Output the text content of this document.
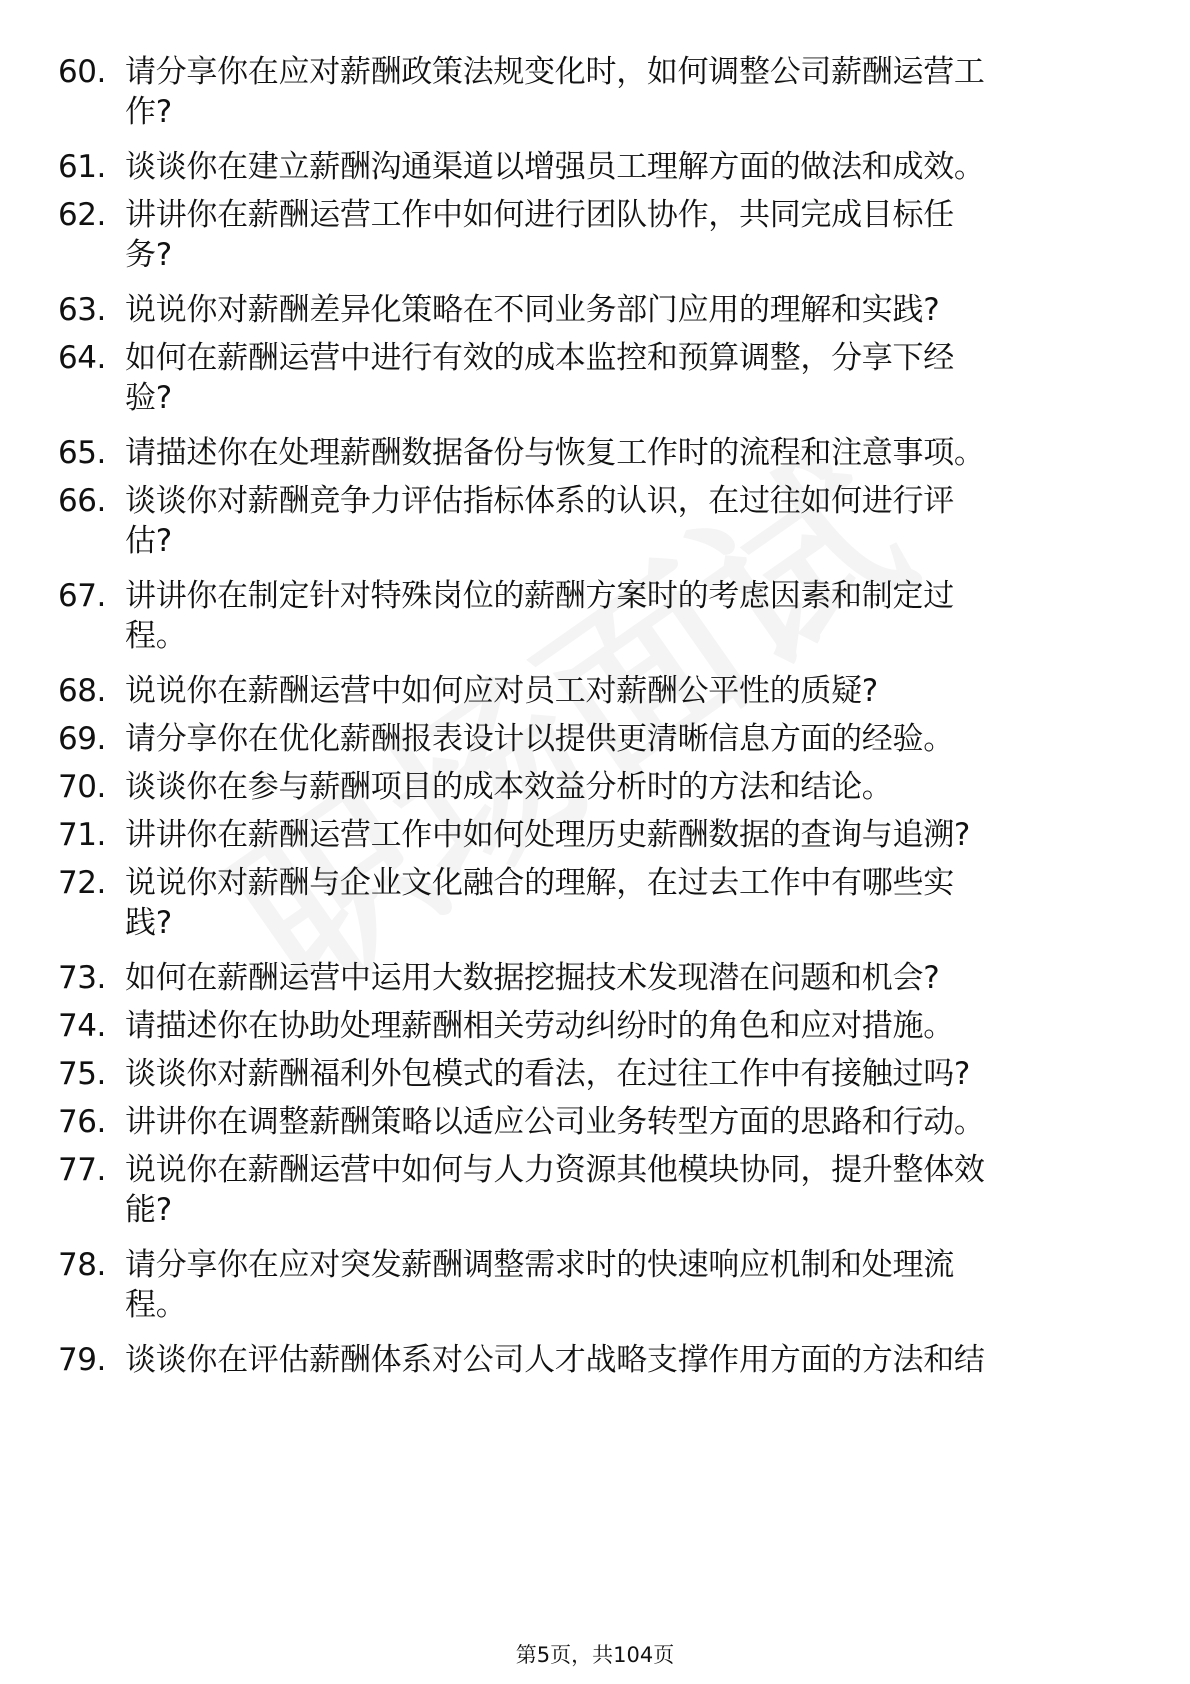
60. 请分享你在应对薪酬政策法规变化时，如何调整公司薪酬运营工
作?
61. 谈谈你在建立薪酬沟通渠道以增强员工理解方面的做法和成效。
62. 讲讲你在薪酬运营工作中如何进行团队协作，共同完成目标任
务?
63. 说说你对薪酬差异化策略在不同业务部门应用的理解和实践?
64. 如何在薪酬运营中进行有效的成本监控和预算调整，分享下经
验?
65. 请描述你在处理薪酬数据备份与恢复工作时的流程和注意事项。
66. 谈谈你对薪酬竞争力评估指标体系的认识，在过往如何进行评
估?
67. 讲讲你在制定针对特殊岗位的薪酬方案时的考虑因素和制定过
程。
68. 说说你在薪酬运营中如何应对员工对薪酬公平性的质疑?
69. 请分享你在优化薪酬报表设计以提供更清晰信息方面的经验。
70. 谈谈你在参与薪酬项目的成本效益分析时的方法和结论。
71. 讲讲你在薪酬运营工作中如何处理历史薪酬数据的查询与追溯?
72. 说说你对薪酬与企业文化融合的理解，在过去工作中有哪些实
践?
73. 如何在薪酬运营中运用大数据挖掘技术发现潜在问题和机会?
74. 请描述你在协助处理薪酬相关劳动纠纷时的角色和应对措施。
75. 谈谈你对薪酬福利外包模式的看法，在过往工作中有接触过吗?
76. 讲讲你在调整薪酬策略以适应公司业务转型方面的思路和行动。
77. 说说你在薪酬运营中如何与人力资源其他模块协同，提升整体效
能?
78. 请分享你在应对突发薪酬调整需求时的快速响应机制和处理流
程。
79. 谈谈你在评估薪酬体系对公司人才战略支撑作用方面的方法和结
第5页，共104页
